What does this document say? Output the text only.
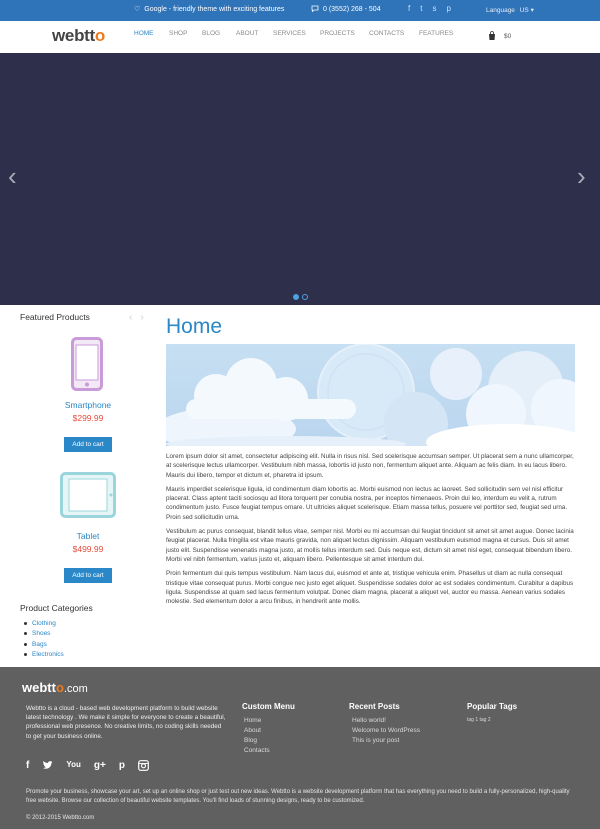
♡ Google - friendly theme with exciting features	0 (3552) 268 - 504	f t s p	Language US ▾
webtto	HOME	SHOP	BLOG	ABOUT	SERVICES	PROJECTS	CONTACTS	FEATURES	$0
‹	›
Featured Products	‹ ›
Smartphone
$299.99
Add to cart
Tablet
$499.99
Add to cart
Product Categories
Clothing
Shoes
Bags
Electronics
Home

Lorem ipsum dolor sit amet, consectetur adipiscing elit. Nulla in risus nisl. Sed scelerisque accumsan semper. Ut placerat sem a nunc ullamcorper, at scelerisque lectus ullamcorper. Vestibulum nibh massa, lobortis id justo non, fermentum aliquet ante. Aliquam ac felis diam. In eu lacus libero. Mauris dui libero, tempor et dictum et, pharetra id ipsum.

Mauris imperdiet scelerisque ligula, id condimentum diam lobortis ac. Morbi euismod non lectus ac laoreet. Sed sollicitudin sem vel nisl efficitur placerat. Class aptent taciti sociosqu ad litora torquent per conubia nostra, per inceptos himenaeos. Proin dui leo, interdum eu velit a, rutrum condimentum justo. Fusce feugiat tempus ornare. Ut ultricies aliquet scelerisque. Etiam massa tellus, posuere vel porttitor sed, feugiat sed urna. Proin sed sollicitudin urna.

Vestibulum ac purus consequat, blandit tellus vitae, semper nisl. Morbi eu mi accumsan dui feugiat tincidunt sit amet sit amet augue. Donec lacinia feugiat placerat. Nulla fringilla est vitae mauris gravida, non aliquet lectus dignissim. Aliquam vestibulum euismod magna et cursus. Duis sit amet justo elit. Suspendisse venenatis magna justo, at mollis tellus interdum sed. Duis neque est, dictum sit amet nisl eget, consequat bibendum libero. Morbi vel nibh fermentum, varius justo et, aliquam libero. Pellentesque sit amet interdum dui.

Proin fermentum dui quis tempus vestibulum. Nam lacus dui, euismod et ante at, tristique vehicula enim. Phasellus ut diam ac nulla consequat tristique vitae consequat purus. Morbi congue nec justo eget aliquet. Suspendisse sodales dolor ac est sodales condimentum. Curabitur a dapibus ligula. Suspendisse at quam sed lacus fermentum volutpat. Donec diam magna, placerat a aliquet vel, auctor eu massa. Aenean varius sodales molestie. Sed elementum dolor a arcu finibus, in hendrerit ante mollis.

webtto.com
Webtto is a cloud - based web development platform to build website latest technology . We make it simple for everyone to create a beautiful, professional web presence. No creative limits, no coding skills needed to get your business online.
Custom Menu
Home
About
Blog
Contacts
Recent Posts
Hello world!
Welcome to WordPress
This is your post
Popular Tags
tag 1 tag 2
f	You g+ p
Promote your business, showcase your art, set up an online shop or just test out new ideas. Webtto is a website development platform that has everything you need to build a fully-personalized, high-quality free website. Browse our collection of beautiful website templates. You'll find loads of stunning designs, ready to be customized.
© 2012-2015 Webtto.com
